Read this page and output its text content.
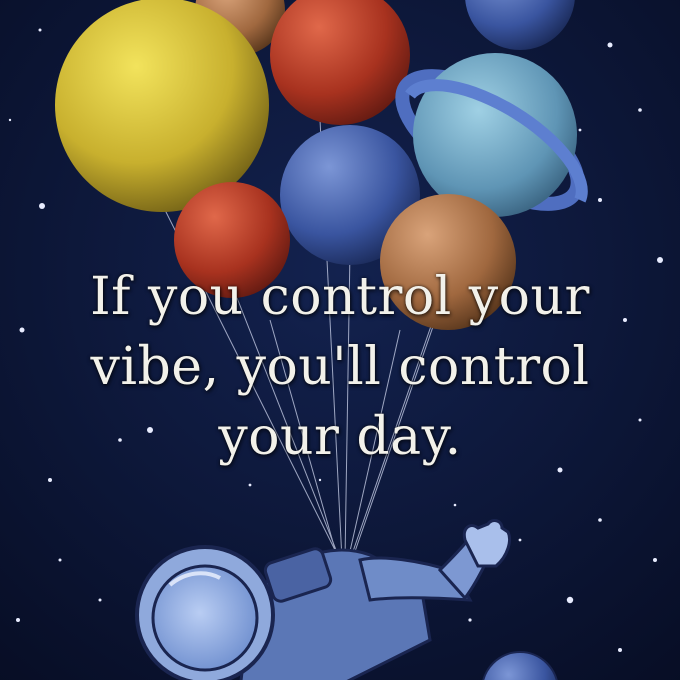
If you control your
vibe, you'll control
your day.
